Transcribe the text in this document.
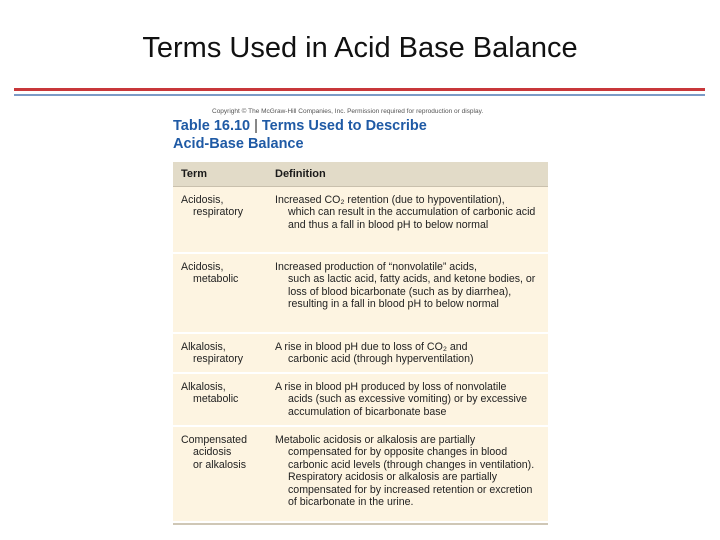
Terms Used in Acid Base Balance
Copyright © The McGraw-Hill Companies, Inc. Permission required for reproduction or display.
Table 16.10 | Terms Used to Describe
Acid-Base Balance
Term	Definition
Acidosis,
respiratory
Increased CO₂ retention (due to hypoventilation),
which can result in the accumulation of carbonic acid and thus a fall in blood pH to below normal
Acidosis,
metabolic
Increased production of “nonvolatile” acids,
such as lactic acid, fatty acids, and ketone bodies, or loss of blood bicarbonate (such as by diarrhea), resulting in a fall in blood pH to below normal
Alkalosis,
respiratory
A rise in blood pH due to loss of CO₂ and
carbonic acid (through hyperventilation)
Alkalosis,
metabolic
A rise in blood pH produced by loss of nonvolatile
acids (such as excessive vomiting) or by excessive accumulation of bicarbonate base
Compensated
acidosis
or alkalosis
Metabolic acidosis or alkalosis are partially
compensated for by opposite changes in blood carbonic acid levels (through changes in ventilation). Respiratory acidosis or alkalosis are partially compensated for by increased retention or excretion of bicarbonate in the urine.
